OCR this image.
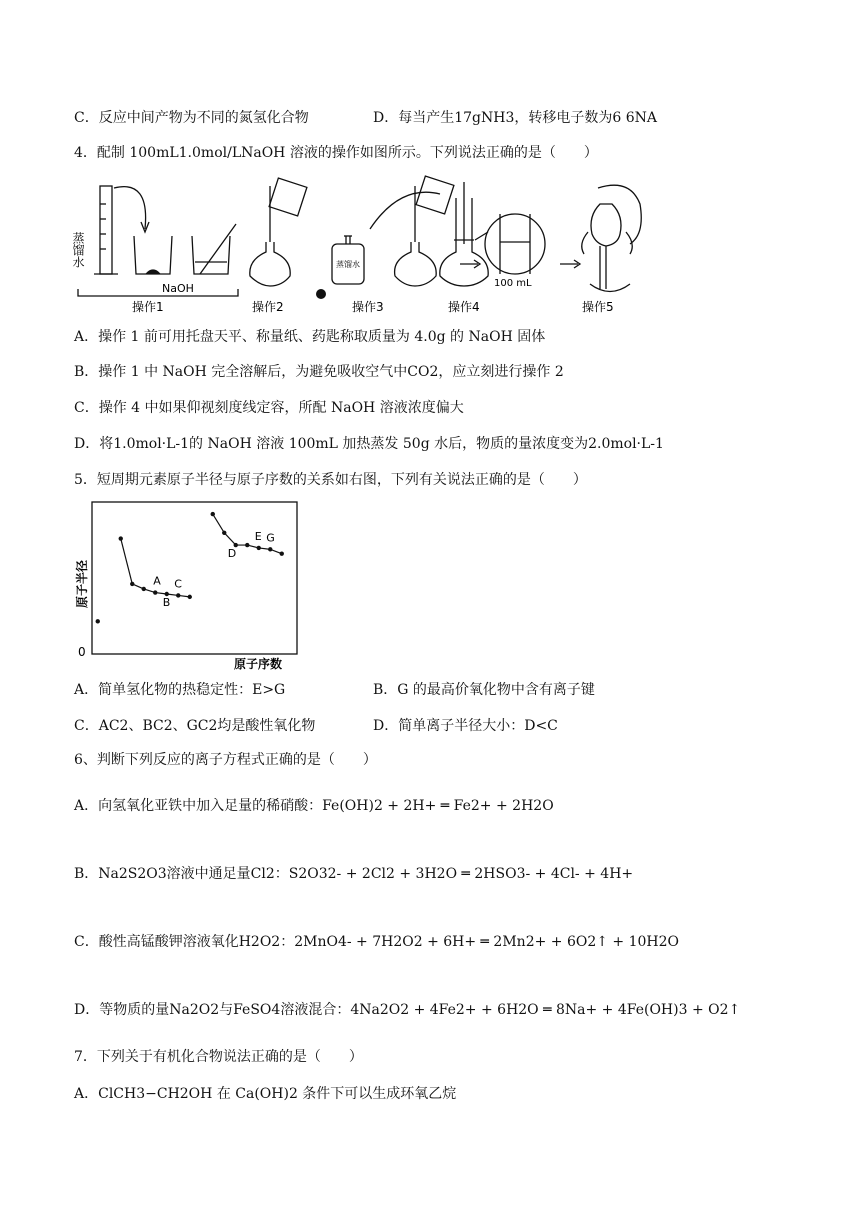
C．反应中间产物为不同的氮氢化合物	D．每当产生17gNH3，转移电子数为6 6NA
4．配制 100mL1.0mol/LNaOH 溶液的操作如图所示。下列说法正确的是（　　）
蒸馏水
NaOH
蒸馏水
100 mL
操作1	操作2	操作3	操作4	操作5
A．操作 1 前可用托盘天平、称量纸、药匙称取质量为 4.0g 的 NaOH 固体
B．操作 1 中 NaOH 完全溶解后，为避免吸收空气中CO2，应立刻进行操作 2
C．操作 4 中如果仰视刻度线定容，所配 NaOH 溶液浓度偏大
D．将1.0mol·L-1的 NaOH 溶液 100mL 加热蒸发 50g 水后，物质的量浓度变为2.0mol·L-1
5．短周期元素原子半径与原子序数的关系如右图，下列有关说法正确的是（　　）
A
B
C
D
E G
0
原子序数
原子半径
A．简单氢化物的热稳定性：E>G	B．G 的最高价氧化物中含有离子键
C．AC2、BC2、GC2均是酸性氧化物	D．简单离子半径大小：D<C
6、判断下列反应的离子方程式正确的是（　　）
A．向氢氧化亚铁中加入足量的稀硝酸：Fe(OH)2 + 2H+ ═ Fe2+ + 2H2O
B．Na2S2O3溶液中通足量Cl2：S2O32- + 2Cl2 + 3H2O ═ 2HSO3- + 4Cl- + 4H+
C．酸性高锰酸钾溶液氧化H2O2：2MnO4- + 7H2O2 + 6H+ ═ 2Mn2+ + 6O2↑ + 10H2O
D．等物质的量Na2O2与FeSO4溶液混合：4Na2O2 + 4Fe2+ + 6H2O ═ 8Na+ + 4Fe(OH)3 + O2↑
7．下列关于有机化合物说法正确的是（　　）
A．ClCH3−CH2OH 在 Ca(OH)2 条件下可以生成环氧乙烷
